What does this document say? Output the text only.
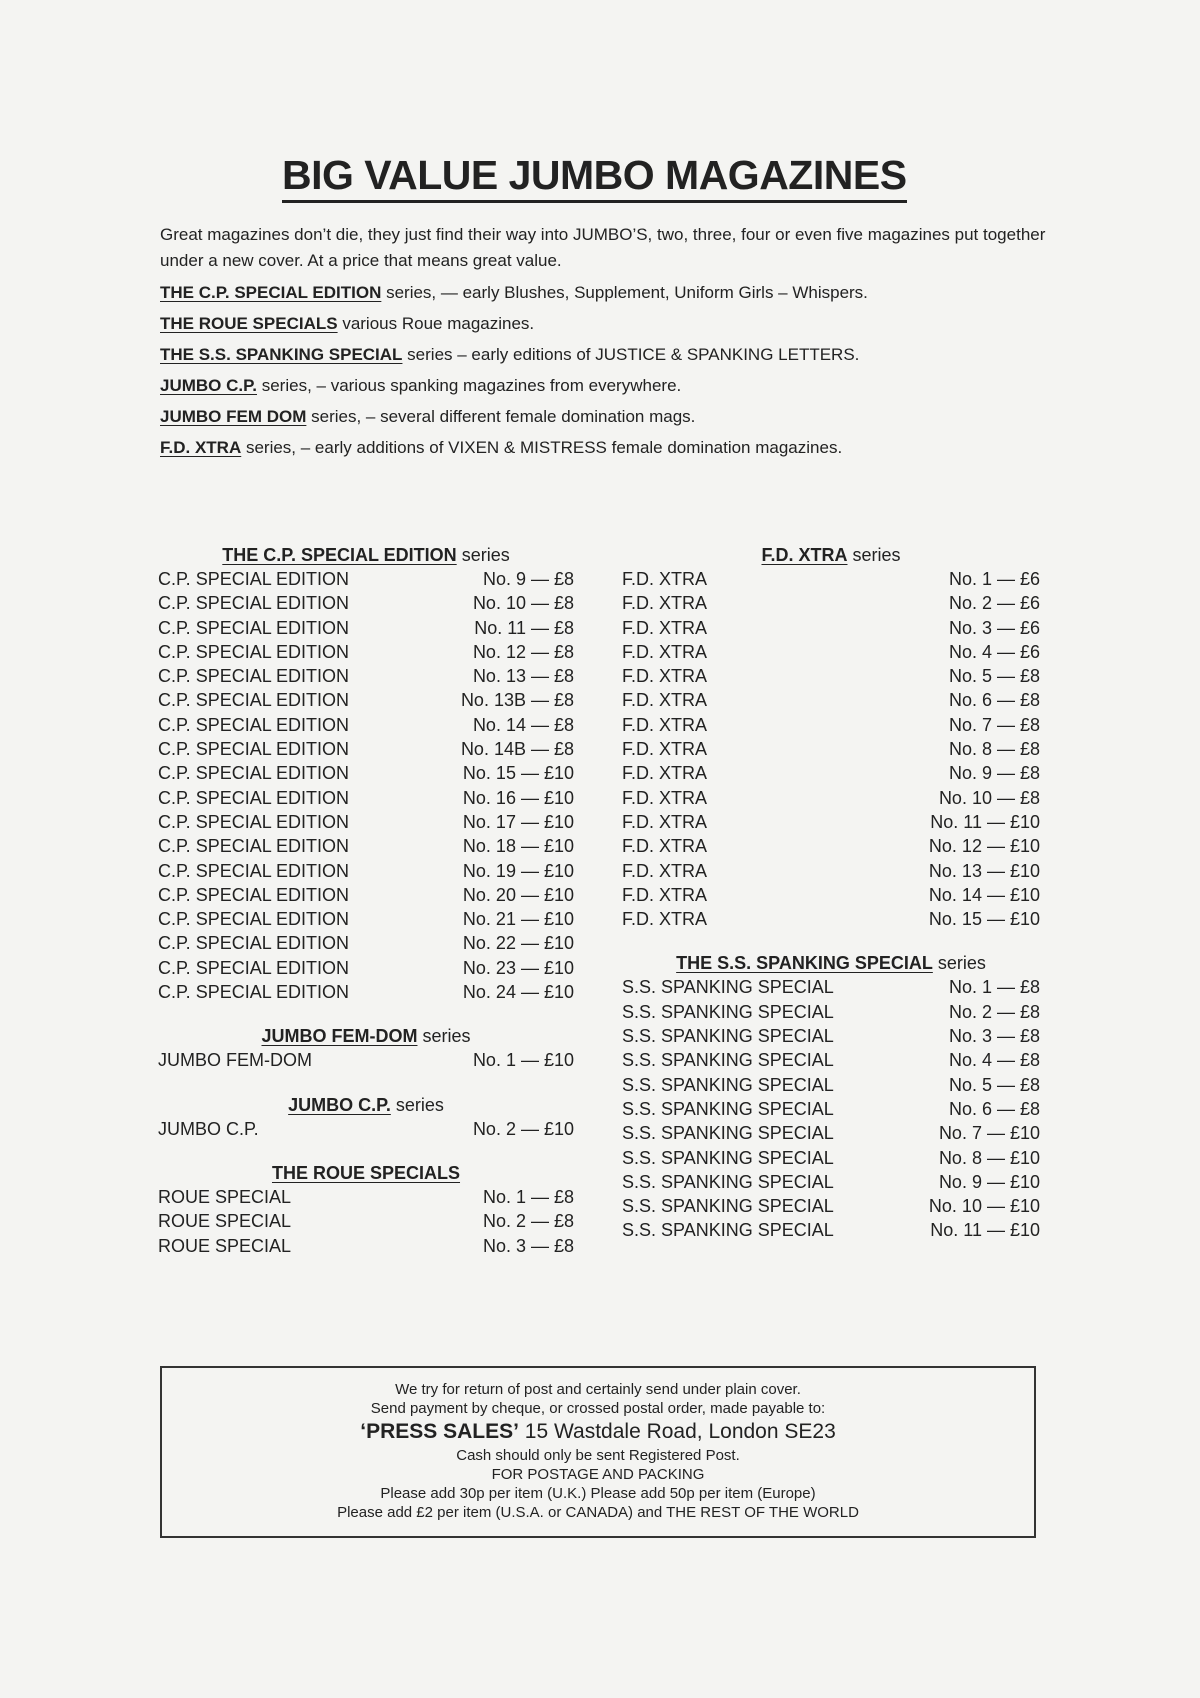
BIG VALUE JUMBO MAGAZINES

Great magazines don’t die, they just find their way into JUMBO’S, two, three, four or even five magazines put together under a new cover. At a price that means great value.

THE C.P. SPECIAL EDITION series, — early Blushes, Supplement, Uniform Girls – Whispers.

THE ROUE SPECIALS various Roue magazines.

THE S.S. SPANKING SPECIAL series – early editions of JUSTICE & SPANKING LETTERS.

JUMBO C.P. series, – various spanking magazines from everywhere.

JUMBO FEM DOM series, – several different female domination mags.

F.D. XTRA series, – early additions of VIXEN & MISTRESS female domination magazines.

THE C.P. SPECIAL EDITION series
C.P. SPECIAL EDITION	No. 9 — £8
C.P. SPECIAL EDITION	No. 10 — £8
C.P. SPECIAL EDITION	No. 11 — £8
C.P. SPECIAL EDITION	No. 12 — £8
C.P. SPECIAL EDITION	No. 13 — £8
C.P. SPECIAL EDITION	No. 13B — £8
C.P. SPECIAL EDITION	No. 14 — £8
C.P. SPECIAL EDITION	No. 14B — £8
C.P. SPECIAL EDITION	No. 15 — £10
C.P. SPECIAL EDITION	No. 16 — £10
C.P. SPECIAL EDITION	No. 17 — £10
C.P. SPECIAL EDITION	No. 18 — £10
C.P. SPECIAL EDITION	No. 19 — £10
C.P. SPECIAL EDITION	No. 20 — £10
C.P. SPECIAL EDITION	No. 21 — £10
C.P. SPECIAL EDITION	No. 22 — £10
C.P. SPECIAL EDITION	No. 23 — £10
C.P. SPECIAL EDITION	No. 24 — £10
JUMBO FEM-DOM series
JUMBO FEM-DOM	No. 1 — £10
JUMBO C.P. series
JUMBO C.P.	No. 2 — £10
THE ROUE SPECIALS
ROUE SPECIAL	No. 1 — £8
ROUE SPECIAL	No. 2 — £8
ROUE SPECIAL	No. 3 — £8
F.D. XTRA series
F.D. XTRA	No. 1 — £6
F.D. XTRA	No. 2 — £6
F.D. XTRA	No. 3 — £6
F.D. XTRA	No. 4 — £6
F.D. XTRA	No. 5 — £8
F.D. XTRA	No. 6 — £8
F.D. XTRA	No. 7 — £8
F.D. XTRA	No. 8 — £8
F.D. XTRA	No. 9 — £8
F.D. XTRA	No. 10 — £8
F.D. XTRA	No. 11 — £10
F.D. XTRA	No. 12 — £10
F.D. XTRA	No. 13 — £10
F.D. XTRA	No. 14 — £10
F.D. XTRA	No. 15 — £10
THE S.S. SPANKING SPECIAL series
S.S. SPANKING SPECIAL	No. 1 — £8
S.S. SPANKING SPECIAL	No. 2 — £8
S.S. SPANKING SPECIAL	No. 3 — £8
S.S. SPANKING SPECIAL	No. 4 — £8
S.S. SPANKING SPECIAL	No. 5 — £8
S.S. SPANKING SPECIAL	No. 6 — £8
S.S. SPANKING SPECIAL	No. 7 — £10
S.S. SPANKING SPECIAL	No. 8 — £10
S.S. SPANKING SPECIAL	No. 9 — £10
S.S. SPANKING SPECIAL	No. 10 — £10
S.S. SPANKING SPECIAL	No. 11 — £10
We try for return of post and certainly send under plain cover.
Send payment by cheque, or crossed postal order, made payable to:
‘PRESS SALES’ 15 Wastdale Road, London SE23
Cash should only be sent Registered Post.
FOR POSTAGE AND PACKING
Please add 30p per item (U.K.) Please add 50p per item (Europe)
Please add £2 per item (U.S.A. or CANADA) and THE REST OF THE WORLD
